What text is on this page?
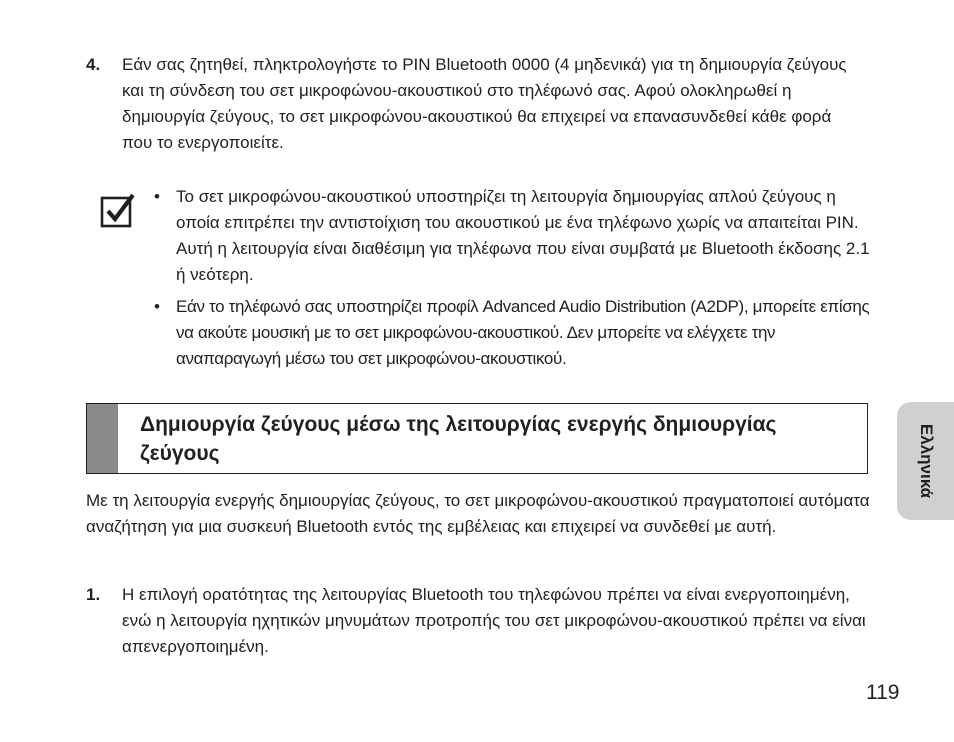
4. Εάν σας ζητηθεί, πληκτρολογήστε το PIN Bluetooth 0000 (4 μηδενικά) για τη δημιουργία ζεύγους και τη σύνδεση του σετ μικροφώνου-ακουστικού στο τηλέφωνό σας. Αφού ολοκληρωθεί η δημιουργία ζεύγους, το σετ μικροφώνου-ακουστικού θα επιχειρεί να επανασυνδεθεί κάθε φορά που το ενεργοποιείτε.
• Το σετ μικροφώνου-ακουστικού υποστηρίζει τη λειτουργία δημιουργίας απλού ζεύγους η οποία επιτρέπει την αντιστοίχιση του ακουστικού με ένα τηλέφωνο χωρίς να απαιτείται PIN. Αυτή η λειτουργία είναι διαθέσιμη για τηλέφωνα που είναι συμβατά με Bluetooth έκδοσης 2.1 ή νεότερη.
• Εάν το τηλέφωνό σας υποστηρίζει προφίλ Advanced Audio Distribution (A2DP), μπορείτε επίσης να ακούτε μουσική με το σετ μικροφώνου-ακουστικού. Δεν μπορείτε να ελέγχετε την αναπαραγωγή μέσω του σετ μικροφώνου-ακουστικού.
Δημιουργία ζεύγους μέσω της λειτουργίας ενεργής δημιουργίας ζεύγους
Με τη λειτουργία ενεργής δημιουργίας ζεύγους, το σετ μικροφώνου-ακουστικού πραγματοποιεί αυτόματα αναζήτηση για μια συσκευή Bluetooth εντός της εμβέλειας και επιχειρεί να συνδεθεί με αυτή.
1. Η επιλογή ορατότητας της λειτουργίας Bluetooth του τηλεφώνου πρέπει να είναι ενεργοποιημένη, ενώ η λειτουργία ηχητικών μηνυμάτων προτροπής του σετ μικροφώνου-ακουστικού πρέπει να είναι απενεργοποιημένη.
Ελληνικά
119
